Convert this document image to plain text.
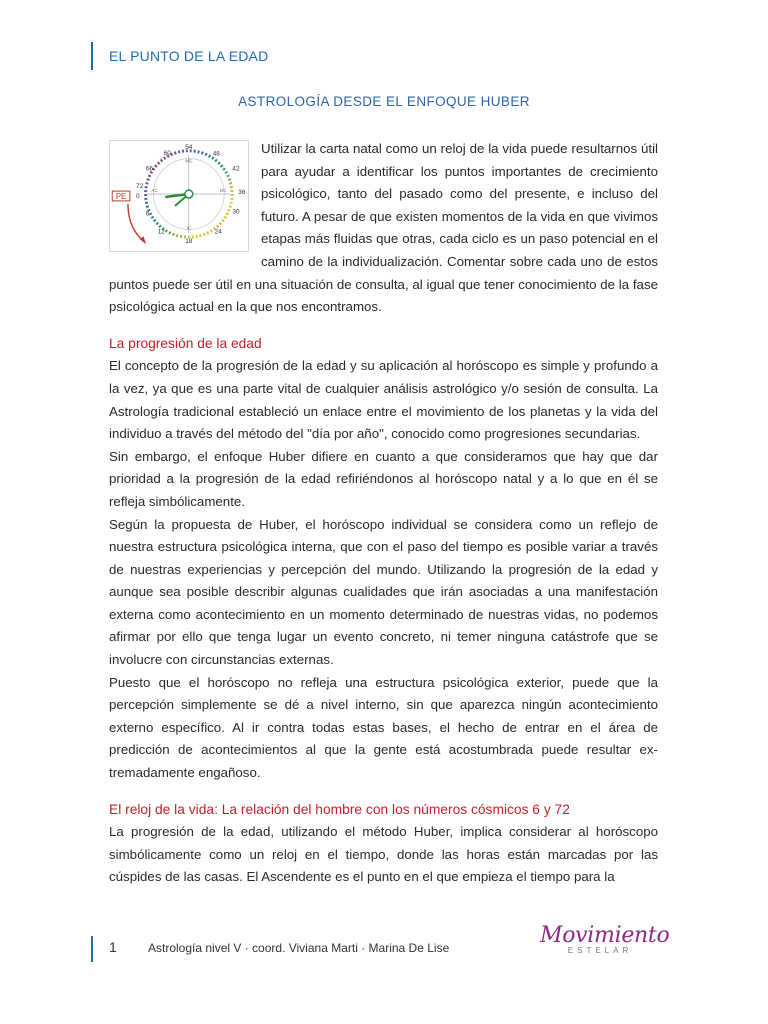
EL PUNTO DE LA EDAD
ASTROLOGÍA DESDE EL ENFOQUE HUBER
PE
54
60	48
66	42
72
36
0
30
6
24
12
18
MC
AC
IC
DC

Utilizar la carta natal como un reloj de la vida puede resultarnos útil para ayudar a identificar los puntos importantes de crecimiento psicológico, tanto del pasado como del presente, e incluso del futuro. A pesar de que existen momentos de la vida en que vivimos etapas más fluidas que otras, cada ciclo es un paso potencial en el camino de la individualización. Comentar sobre cada uno de estos puntos puede ser útil en una situación de consulta, al igual que tener conocimiento de la fase psicológica actual en la que nos encontramos.

La progresión de la edad

El concepto de la progresión de la edad y su aplicación al horóscopo es simple y profundo a la vez, ya que es una parte vital de cualquier análisis astrológico y/o sesión de consulta. La Astrología tradicional estableció un enlace entre el movimiento de los planetas y la vida del individuo a través del método del "día por año", conocido como progresiones secundarias.

Sin embargo, el enfoque Huber difiere en cuanto a que consideramos que hay que dar prioridad a la progresión de la edad refiriéndonos al horóscopo natal y a lo que en él se refleja simbólicamente.

Según la propuesta de Huber, el horóscopo individual se considera como un reflejo de nuestra estructura psicológica interna, que con el paso del tiempo es posible variar a través de nuestras experiencias y percepción del mundo. Utilizando la progresión de la edad y aunque sea posible describir algunas cualidades que irán asociadas a una manifestación externa como acontecimiento en un momento determinado de nuestras vidas, no podemos afirmar por ello que tenga lugar un evento concreto, ni temer ninguna catástrofe que se involucre con circunstancias externas.

Puesto que el horóscopo no refleja una estructura psicológica exterior, puede que la percepción simplemente se dé a nivel interno, sin que aparezca ningún acontecimiento externo específico. Al ir contra todas estas bases, el hecho de entrar en el área de predicción de acontecimientos al que la gente está acostumbrada puede resultar extremadamente engañoso.

El reloj de la vida: La relación del hombre con los números cósmicos 6 y 72

La progresión de la edad, utilizando el método Huber, implica considerar al horóscopo simbólicamente como un reloj en el tiempo, donde las horas están marcadas por las cúspides de las casas. El Ascendente es el punto en el que empieza el tiempo para la

1	Astrología nivel V · coord. Viviana Marti · Marina De Lise	Movimiento
ESTELAR
